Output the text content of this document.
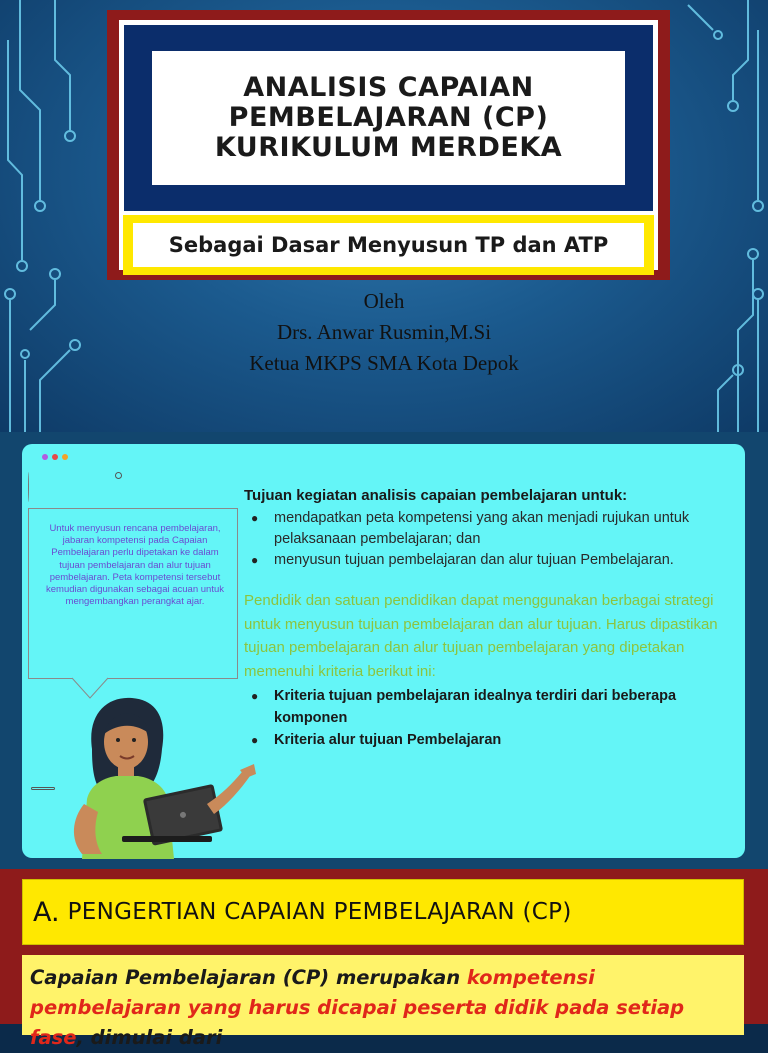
ANALISIS CAPAIAN
PEMBELAJARAN (CP)
KURIKULUM MERDEKA
Sebagai Dasar Menyusun TP dan ATP
Oleh
Drs. Anwar Rusmin,M.Si
Ketua MKPS SMA Kota Depok
Untuk menyusun rencana pembelajaran, jabaran kompetensi pada Capaian Pembelajaran perlu dipetakan ke dalam tujuan pembelajaran dan alur tujuan pembelajaran. Peta kompetensi tersebut kemudian digunakan sebagai acuan untuk mengembangkan perangkat ajar.
Tujuan kegiatan analisis capaian pembelajaran untuk:
● mendapatkan peta kompetensi yang akan menjadi rujukan untuk pelaksanaan pembelajaran; dan
● menyusun tujuan pembelajaran dan alur tujuan Pembelajaran.
Pendidik dan satuan pendidikan dapat menggunakan berbagai strategi untuk menyusun tujuan pembelajaran dan alur tujuan. Harus dipastikan tujuan pembelajaran dan alur tujuan pembelajaran yang dipetakan memenuhi kriteria berikut ini:
● Kriteria tujuan pembelajaran idealnya terdiri dari beberapa komponen
● Kriteria alur tujuan Pembelajaran
A. PENGERTIAN CAPAIAN PEMBELAJARAN (CP)
Capaian Pembelajaran (CP) merupakan kompetensi pembelajaran yang harus dicapai peserta didik pada setiap fase, dimulai dari
